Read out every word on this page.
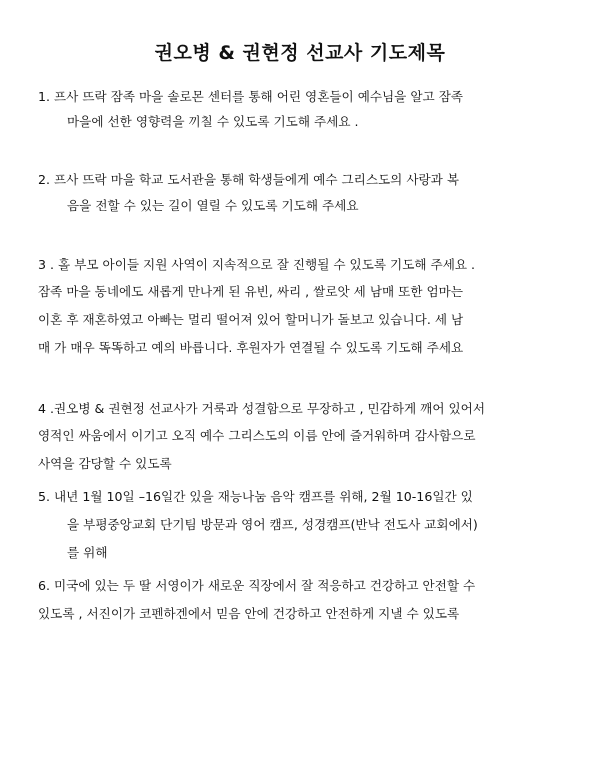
권오병 & 권현정 선교사 기도제목
1. 프사 뜨락 잠족 마을 솔로몬 센터를 통해 어린 영혼들이 예수님을 알고 잠족
마을에 선한 영향력을 끼칠 수 있도록 기도해 주세요 .
2. 프사 뜨락 마을 학교 도서관을 통해 학생들에게 예수 그리스도의 사랑과 복
음을 전할 수 있는 길이 열릴 수 있도록 기도해 주세요
3 . 홀 부모 아이들 지원 사역이 지속적으로 잘 진행될 수 있도록 기도해 주세요 .
잠족 마을 동네에도 새롭게 만나게 된 유빈, 싸리 , 쌀로앗 세 남매 또한 엄마는
이혼 후 재혼하였고 아빠는 멀리 떨어져 있어 할머니가 돌보고 있습니다. 세 남
매 가 매우 똑똑하고 예의 바릅니다. 후원자가 연결될 수 있도록 기도해 주세요
4 .권오병 & 권현정 선교사가 거룩과 성결함으로 무장하고 , 민감하게 깨어 있어서
영적인 싸움에서 이기고 오직 예수 그리스도의 이름 안에 즐거워하며 감사함으로
사역을 감당할 수 있도록
5. 내년 1월 10일 –16일간 있을 재능나눔 음악 캠프를 위해, 2월 10-16일간 있
을 부평중앙교회 단기팀 방문과 영어 캠프, 성경캠프(반낙 전도사 교회에서)
를 위해
6. 미국에 있는 두 딸 서영이가 새로운 직장에서 잘 적응하고 건강하고 안전할 수
있도록 , 서진이가 코펜하겐에서 믿음 안에 건강하고 안전하게 지낼 수 있도록
